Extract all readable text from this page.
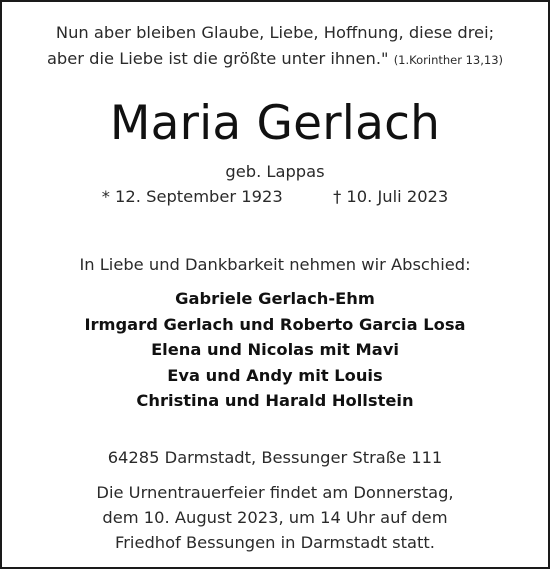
Nun aber bleiben Glaube, Liebe, Hoffnung, diese drei;
aber die Liebe ist die größte unter ihnen." (1.Korinther 13,13)
Maria Gerlach
geb. Lappas
* 12. September 1923	† 10. Juli 2023
In Liebe und Dankbarkeit nehmen wir Abschied:
Gabriele Gerlach-Ehm
Irmgard Gerlach und Roberto Garcia Losa
Elena und Nicolas mit Mavi
Eva und Andy mit Louis
Christina und Harald Hollstein
64285 Darmstadt, Bessunger Straße 111
Die Urnentrauerfeier findet am Donnerstag,
dem 10. August 2023, um 14 Uhr auf dem
Friedhof Bessungen in Darmstadt statt.
